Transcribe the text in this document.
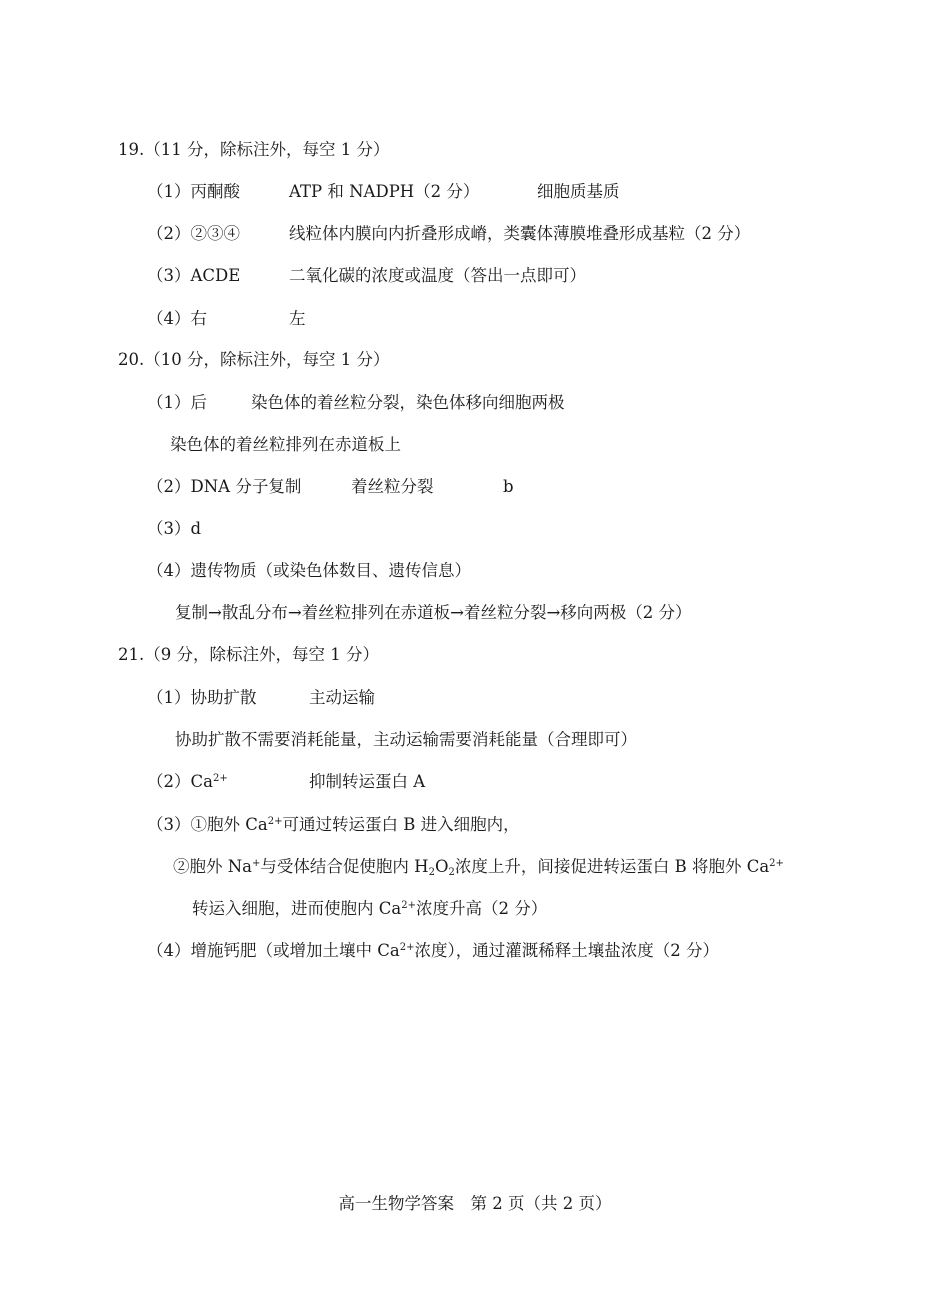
19.（11 分，除标注外，每空 1 分）
（1）丙酮酸	ATP 和 NADPH（2 分）	细胞质基质
（2）②③④	线粒体内膜向内折叠形成嵴，类囊体薄膜堆叠形成基粒（2 分）
（3）ACDE	二氧化碳的浓度或温度（答出一点即可）
（4）右	左
20.（10 分，除标注外，每空 1 分）
（1）后	染色体的着丝粒分裂，染色体移向细胞两极
染色体的着丝粒排列在赤道板上
（2）DNA 分子复制	着丝粒分裂	b
（3）d
（4）遗传物质（或染色体数目、遗传信息）
复制→散乱分布→着丝粒排列在赤道板→着丝粒分裂→移向两极（2 分）
21.（9 分，除标注外，每空 1 分）
（1）协助扩散	主动运输
协助扩散不需要消耗能量，主动运输需要消耗能量（合理即可）
$(2)Ca^{2+}$	抑制转运蛋白 A
（3）①胞外 $Ca^{2+}$可通过转运蛋白 B 进入细胞内，
②胞外 Na+与受体结合促使胞内 $H_2O_2$浓度上升，间接促进转运蛋白 B 将胞外 $Ca^{2+}$
转运入细胞，进而使胞内 $Ca^{2+}$浓度升高（2 分）
（4）增施钙肥（或增加土壤中 $Ca^{2+}$浓度），通过灌溉稀释土壤盐浓度（2 分）
高一生物学答案　第 2 页（共 2 页）
